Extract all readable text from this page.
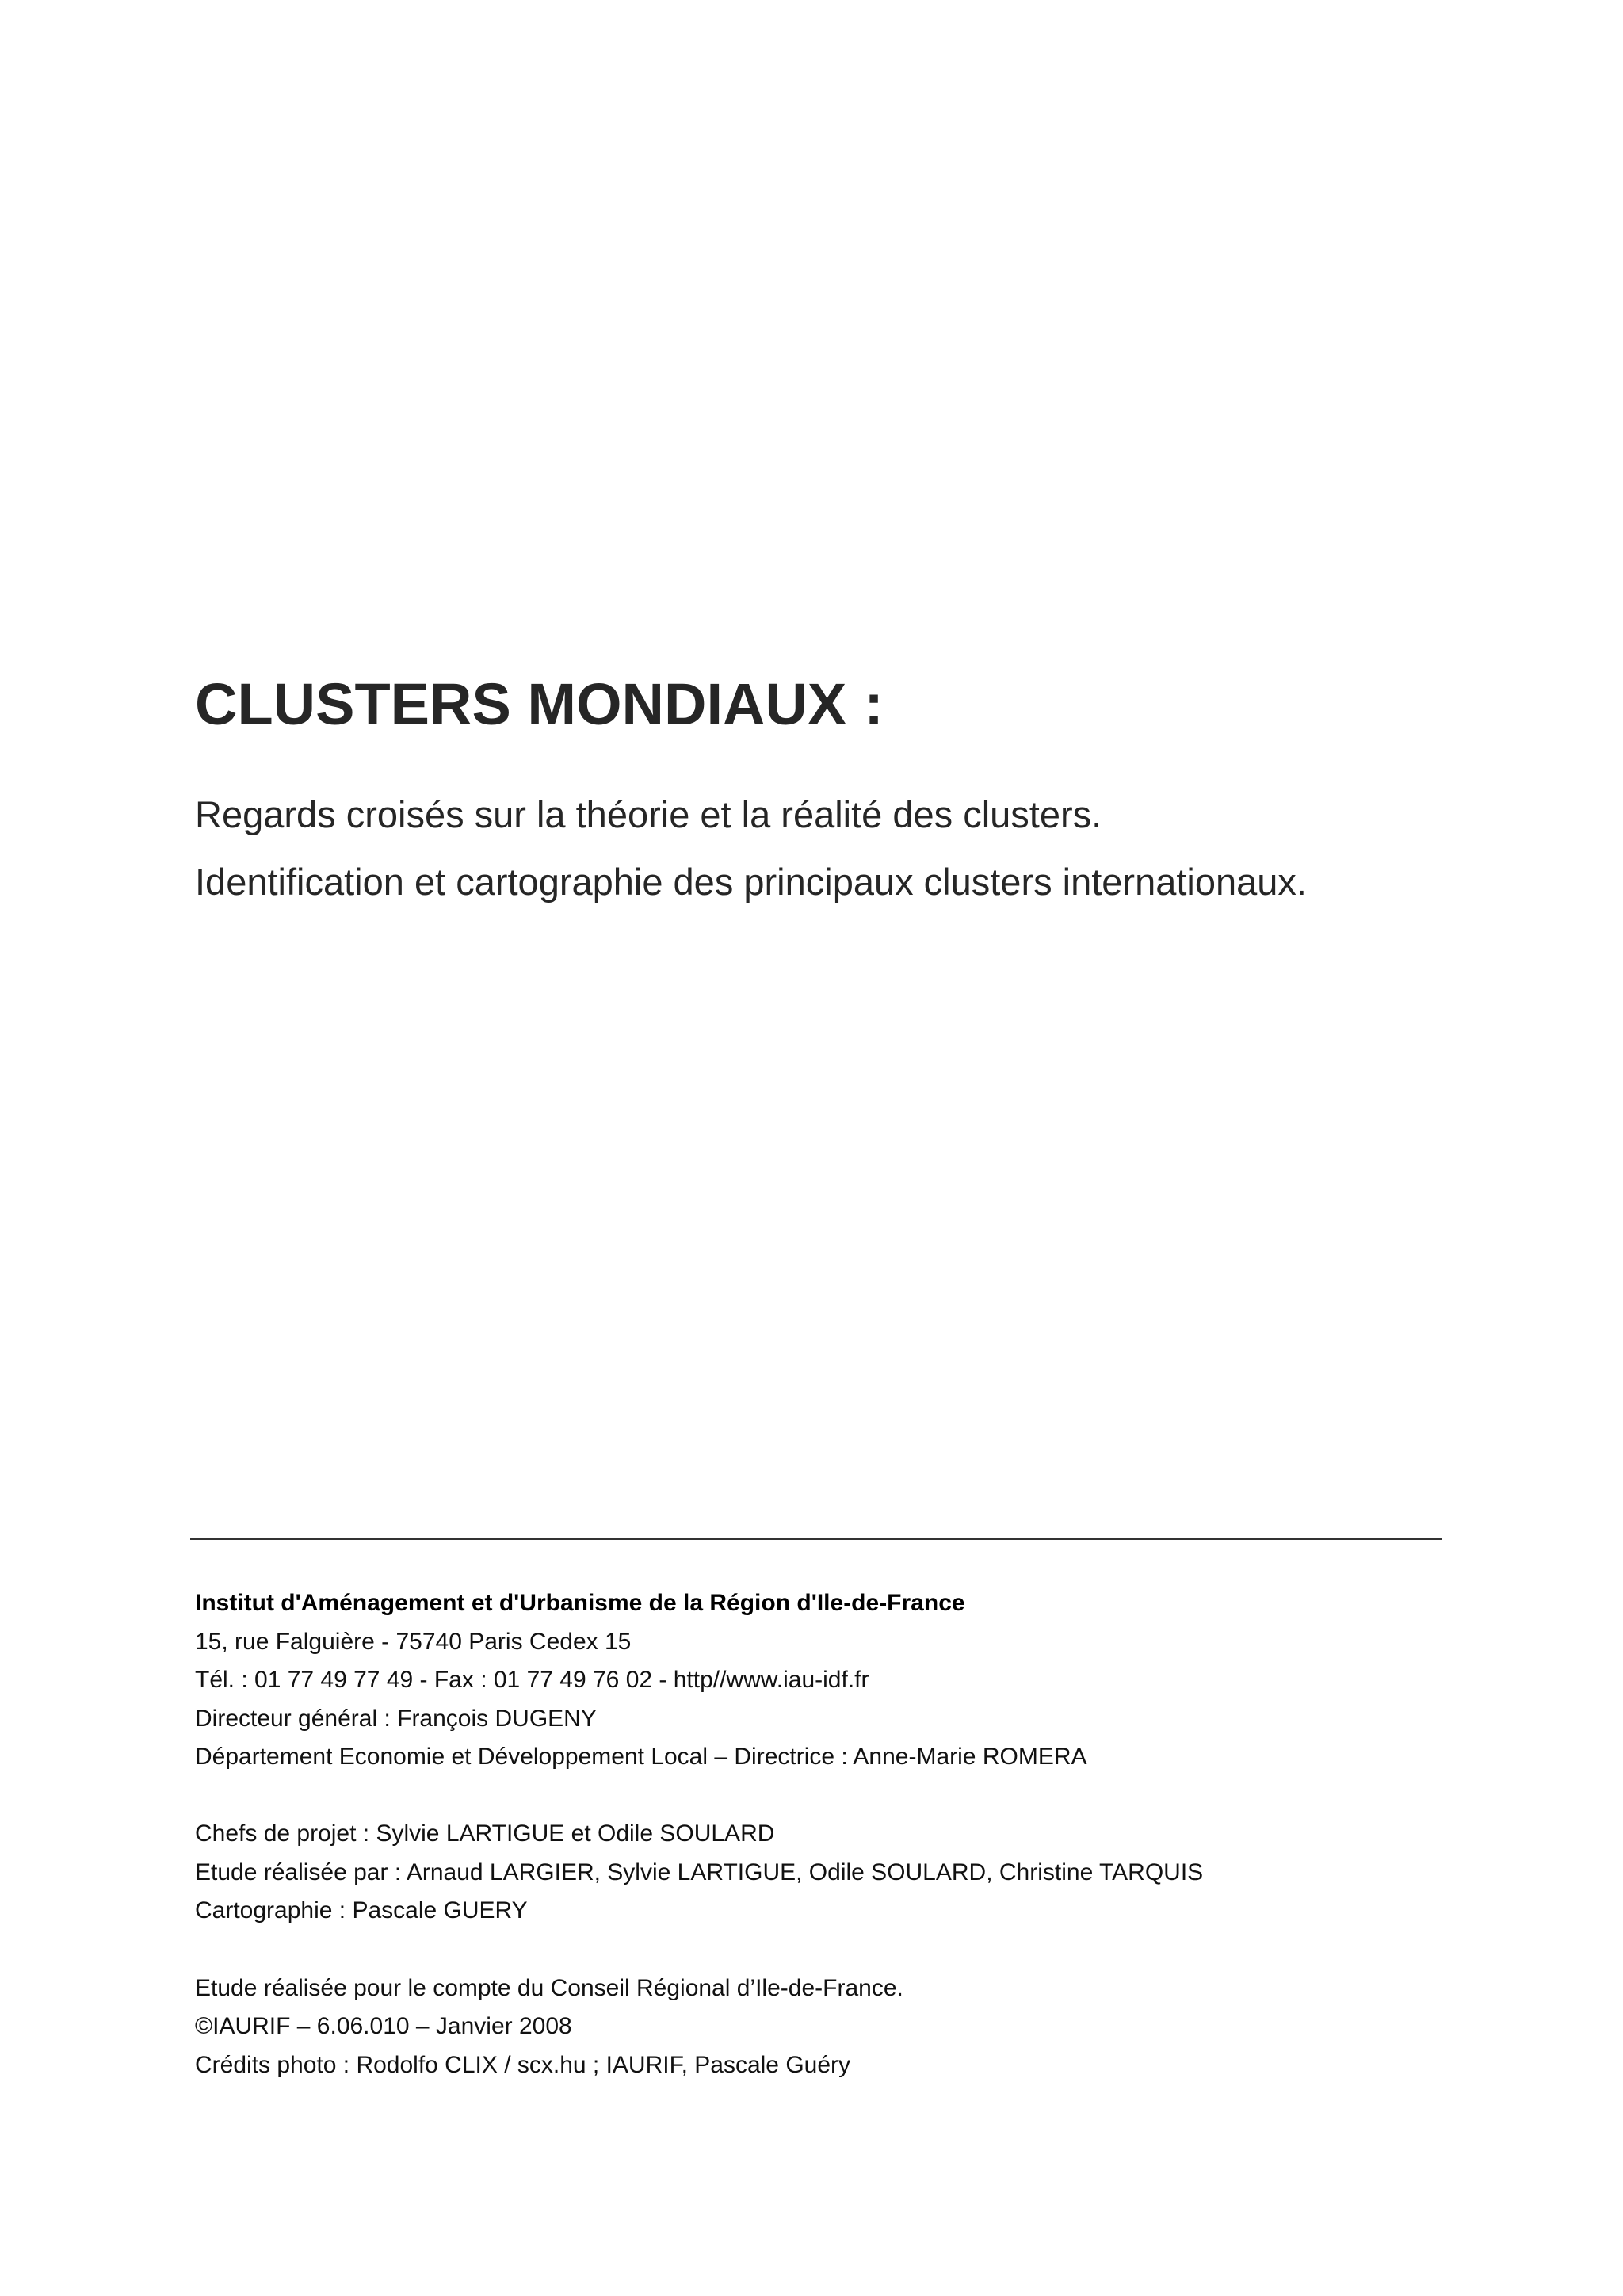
CLUSTERS MONDIAUX :

Regards croisés sur la théorie et la réalité des clusters.

Identification et cartographie des principaux clusters internationaux.

Institut d'Aménagement et d'Urbanisme de la Région d'Ile-de-France

15, rue Falguière - 75740 Paris Cedex 15

Tél. : 01 77 49 77 49 - Fax : 01 77 49 76 02 - http//www.iau-idf.fr

Directeur général : François DUGENY

Département Economie et Développement Local – Directrice : Anne-Marie ROMERA

Chefs de projet : Sylvie LARTIGUE et Odile SOULARD

Etude réalisée par : Arnaud LARGIER, Sylvie LARTIGUE, Odile SOULARD, Christine TARQUIS

Cartographie : Pascale GUERY

Etude réalisée pour le compte du Conseil Régional d’Ile-de-France.

©IAURIF – 6.06.010 – Janvier 2008

Crédits photo : Rodolfo CLIX / scx.hu ; IAURIF, Pascale Guéry
